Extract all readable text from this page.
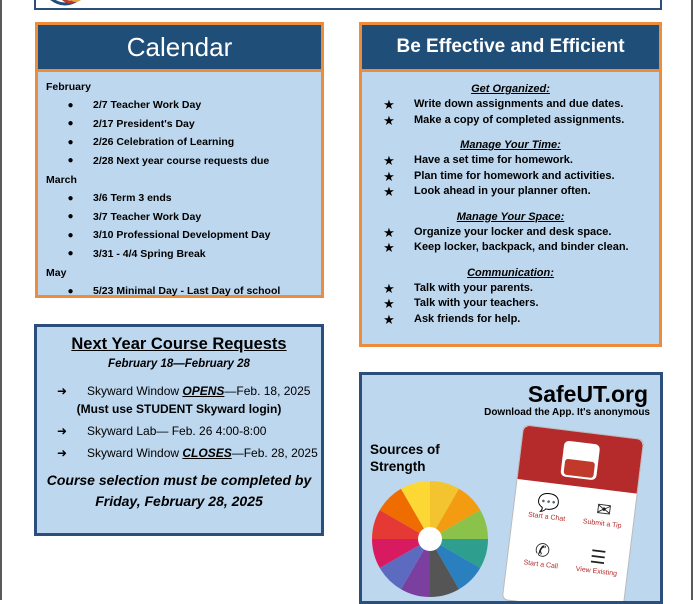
Calendar
February
●	2/7 Teacher Work Day
●	2/17 President's Day
●	2/26 Celebration of Learning
●	2/28 Next year course requests due
March
●	3/6 Term 3 ends
●	3/7 Teacher Work Day
●	3/10 Professional Development Day
●	3/31 - 4/4 Spring Break
May
●	5/23 Minimal Day - Last Day of school
Be Effective and Efficient
Get Organized:
★	Write down assignments and due dates.
★	Make a copy of completed assignments.
Manage Your Time:
★	Have a set time for homework.
★	Plan time for homework and activities.
★	Look ahead in your planner often.
Manage Your Space:
★	Organize your locker and desk space.
★	Keep locker, backpack, and binder clean.
Communication:
★	Talk with your parents.
★	Talk with your teachers.
★	Ask friends for help.
Next Year Course Requests
February 18—February 28
➜	Skyward Window OPENS—Feb. 18, 2025
(Must use STUDENT Skyward login)
➜	Skyward Lab— Feb. 26 4:00-8:00
➜	Skyward Window CLOSES—Feb. 28, 2025
Course selection must be completed by
Friday, February 28, 2025
SafeUT.org
Download the App. It's anonymous
Sources of Strength
💬
Start a Chat	✉
Submit a Tip
✆
Start a Call	☰
View Existing
